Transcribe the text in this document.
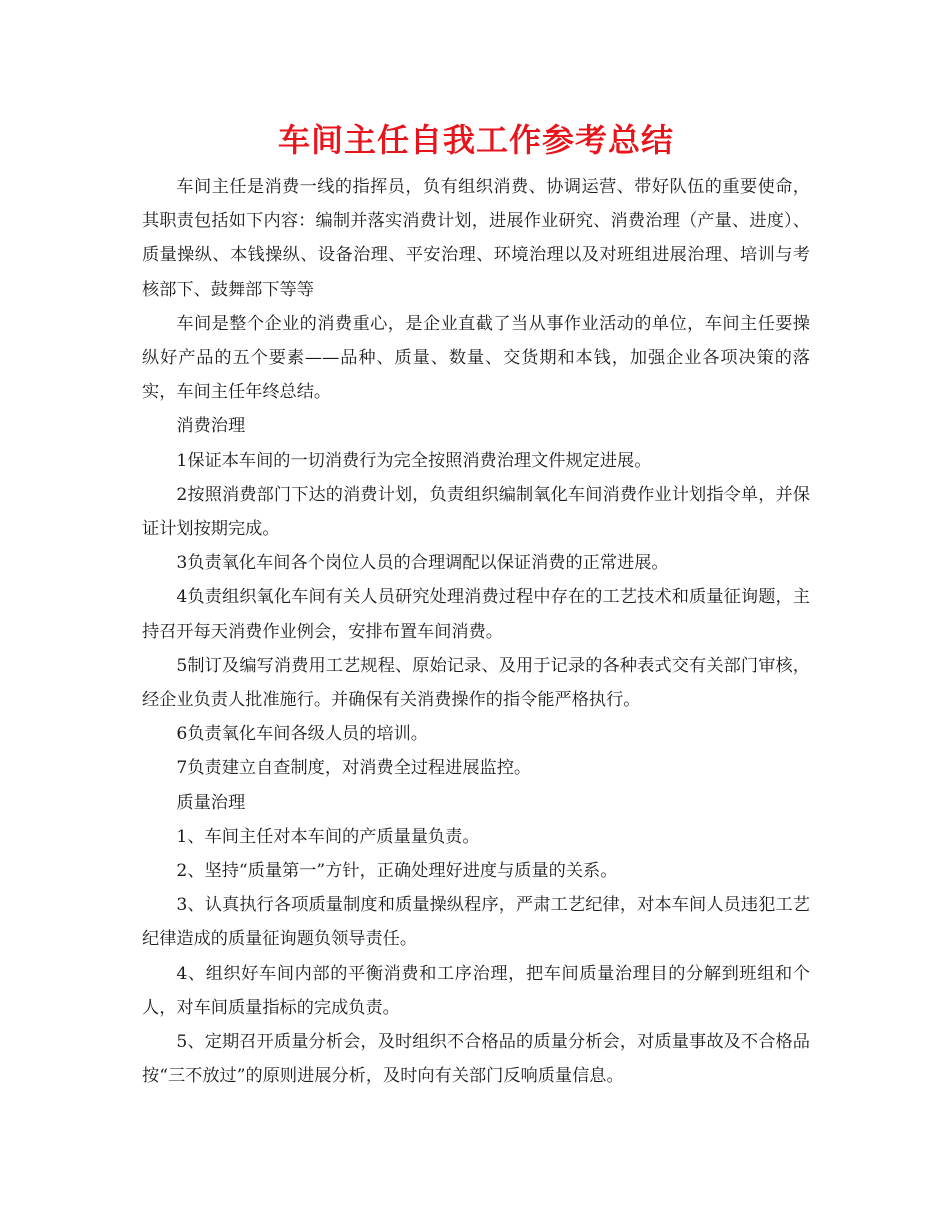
车间主任自我工作参考总结

车间主任是消费一线的指挥员，负有组织消费、协调运营、带好队伍的重要使命，其职责包括如下内容：编制并落实消费计划，进展作业研究、消费治理（产量、进度）、质量操纵、本钱操纵、设备治理、平安治理、环境治理以及对班组进展治理、培训与考核部下、鼓舞部下等等

车间是整个企业的消费重心，是企业直截了当从事作业活动的单位，车间主任要操纵好产品的五个要素——品种、质量、数量、交货期和本钱，加强企业各项决策的落实，车间主任年终总结。

消费治理

1保证本车间的一切消费行为完全按照消费治理文件规定进展。

2按照消费部门下达的消费计划，负责组织编制氧化车间消费作业计划指令单，并保证计划按期完成。

3负责氧化车间各个岗位人员的合理调配以保证消费的正常进展。

4负责组织氧化车间有关人员研究处理消费过程中存在的工艺技术和质量征询题，主持召开每天消费作业例会，安排布置车间消费。

5制订及编写消费用工艺规程、原始记录、及用于记录的各种表式交有关部门审核，经企业负责人批准施行。并确保有关消费操作的指令能严格执行。

6负责氧化车间各级人员的培训。

7负责建立自查制度，对消费全过程进展监控。

质量治理

1、车间主任对本车间的产质量量负责。

2、坚持“质量第一”方针，正确处理好进度与质量的关系。

3、认真执行各项质量制度和质量操纵程序，严肃工艺纪律，对本车间人员违犯工艺纪律造成的质量征询题负领导责任。

4、组织好车间内部的平衡消费和工序治理，把车间质量治理目的分解到班组和个人，对车间质量指标的完成负责。

5、定期召开质量分析会，及时组织不合格品的质量分析会，对质量事故及不合格品按“三不放过”的原则进展分析，及时向有关部门反响质量信息。
